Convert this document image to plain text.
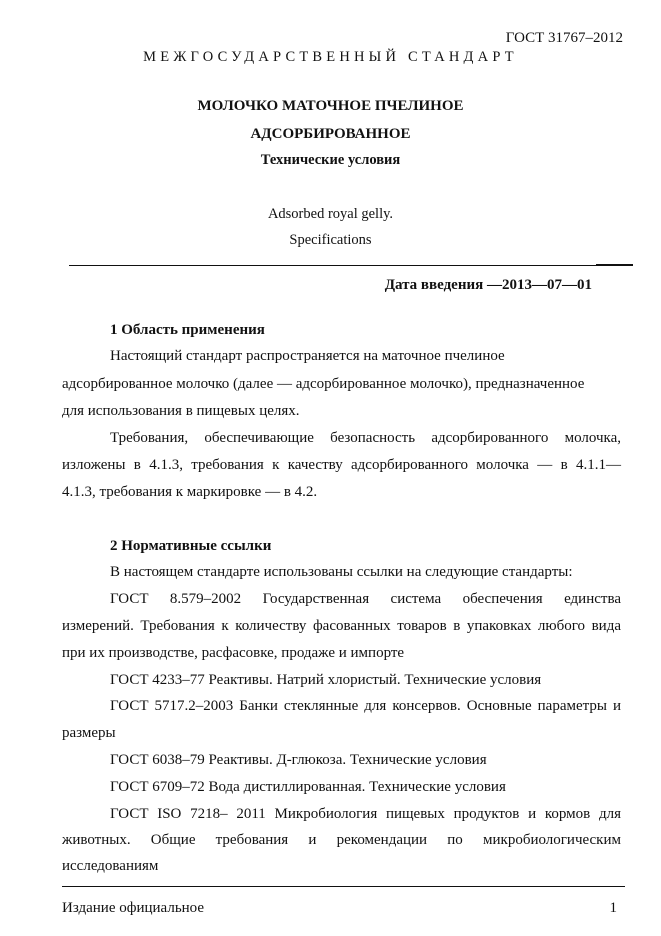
ГОСТ 31767–2012
МЕЖГОСУДАРСТВЕННЫЙ СТАНДАРТ
МОЛОЧКО МАТОЧНОЕ ПЧЕЛИНОЕ
АДСОРБИРОВАННОЕ
Технические условия
Adsorbed royal gelly.
Specifications
Дата введения —2013—07—01
1 Область применения
Настоящий стандарт распространяется на маточное пчелиное
адсорбированное молочко (далее — адсорбированное молочко), предназначенное
для использования в пищевых целях.
Требования, обеспечивающие безопасность адсорбированного молочка,
изложены в 4.1.3, требования к качеству адсорбированного молочка — в 4.1.1—
4.1.3, требования к маркировке — в 4.2.
2 Нормативные ссылки
В настоящем стандарте использованы ссылки на следующие стандарты:
ГОСТ 8.579–2002 Государственная система обеспечения единства
измерений. Требования к количеству фасованных товаров в упаковках любого вида
при их производстве, расфасовке, продаже и импорте
ГОСТ 4233–77 Реактивы. Натрий хлористый. Технические условия
ГОСТ 5717.2–2003 Банки стеклянные для консервов. Основные параметры и
размеры
ГОСТ 6038–79 Реактивы. Д-глюкоза. Технические условия
ГОСТ 6709–72 Вода дистиллированная. Технические условия
ГОСТ ISO 7218– 2011 Микробиология пищевых продуктов и кормов для
животных. Общие требования и рекомендации по микробиологическим
исследованиям
Издание официальное	1
